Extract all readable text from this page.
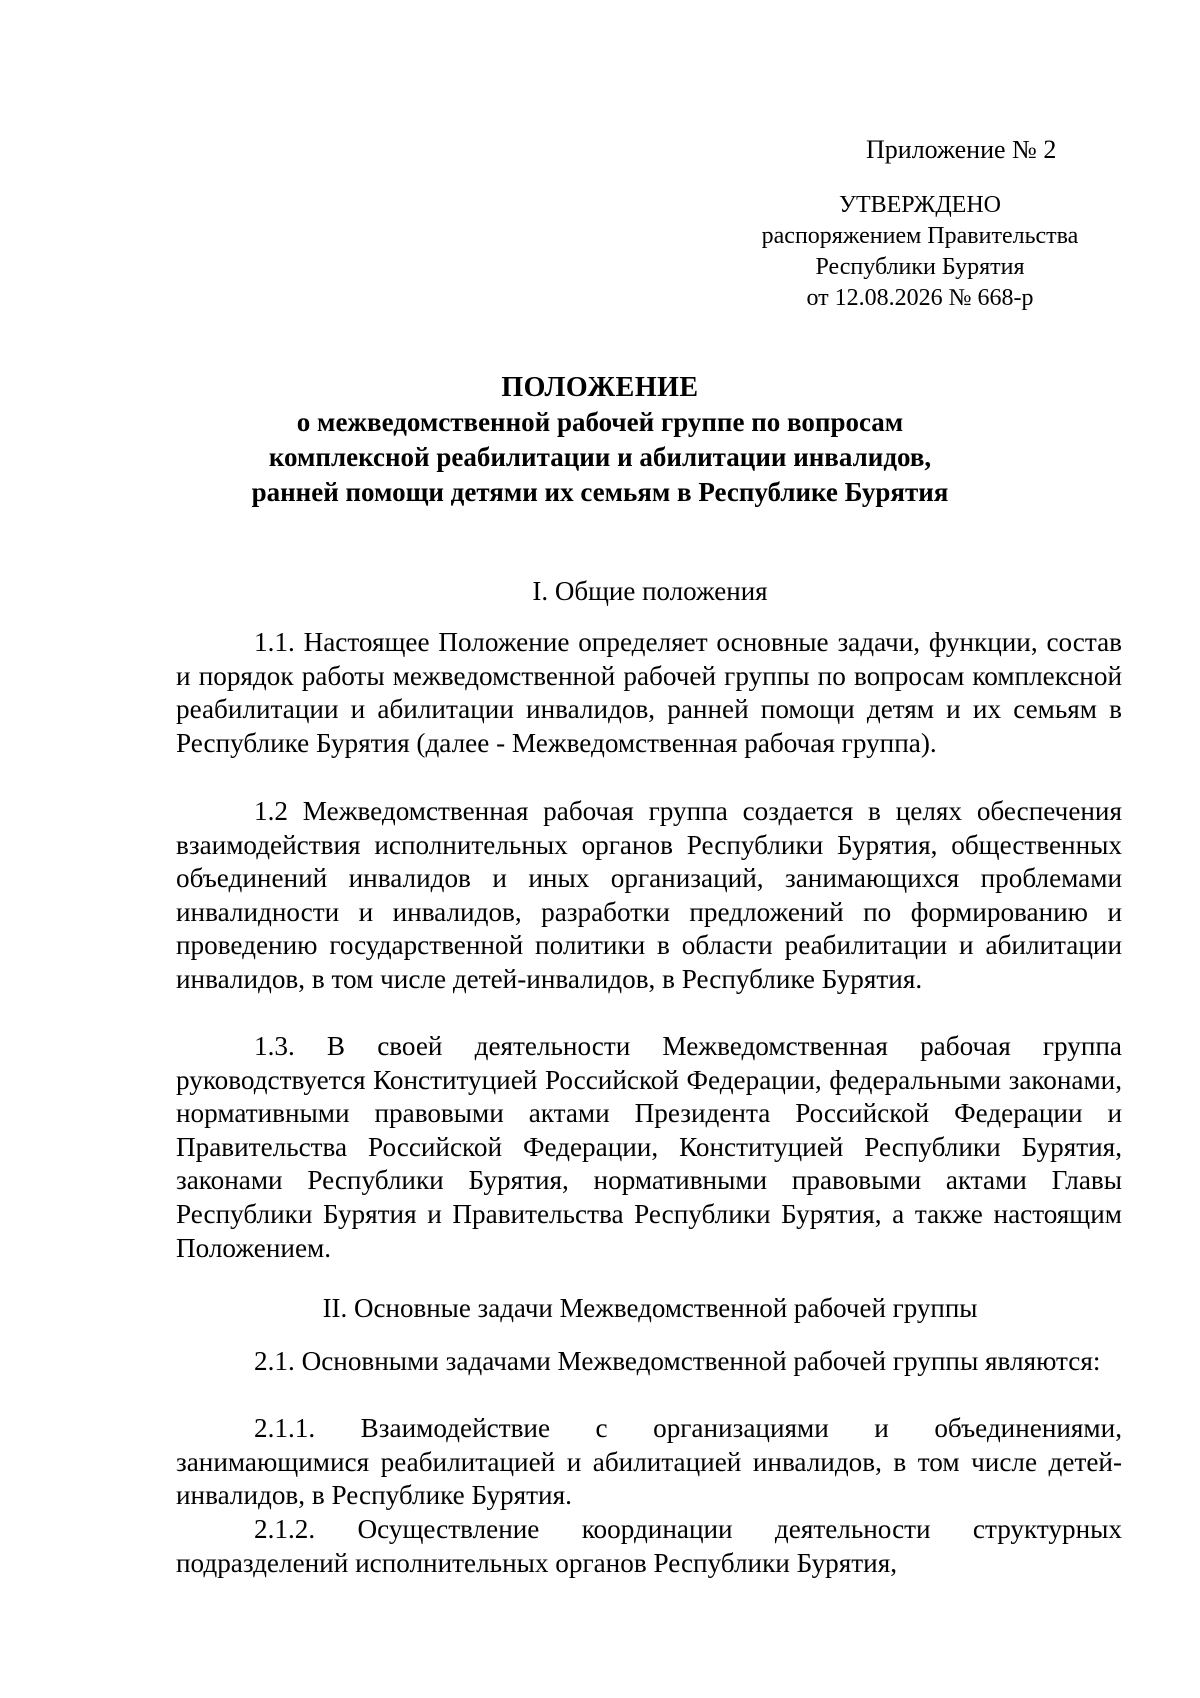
Приложение № 2
УТВЕРЖДЕНО
распоряжением Правительства
Республики Бурятия
от 12.08.2026 № 668-р
ПОЛОЖЕНИЕ
о межведомственной рабочей группе по вопросам
комплексной реабилитации и абилитации инвалидов,
ранней помощи детями их семьям в Республике Бурятия
I. Общие положения

1.1. Настоящее Положение определяет основные задачи, функции, состав и порядок работы межведомственной рабочей группы по вопросам комплексной реабилитации и абилитации инвалидов, ранней помощи детям и их семьям в Республике Бурятия (далее - Межведомственная рабочая группа).

1.2 Межведомственная рабочая группа создается в целях обеспечения взаимодействия исполнительных органов Республики Бурятия, общественных объединений инвалидов и иных организаций, занимающихся проблемами инвалидности и инвалидов, разработки предложений по формированию и проведению государственной политики в области реабилитации и абилитации инвалидов, в том числе детей-инвалидов, в Республике Бурятия.

1.3. В своей деятельности Межведомственная рабочая группа руководствуется Конституцией Российской Федерации, федеральными законами, нормативными правовыми актами Президента Российской Федерации и Правительства Российской Федерации, Конституцией Республики Бурятия, законами Республики Бурятия, нормативными правовыми актами Главы Республики Бурятия и Правительства Республики Бурятия, а также настоящим Положением.

II. Основные задачи Межведомственной рабочей группы

2.1. Основными задачами Межведомственной рабочей группы являются:

2.1.1. Взаимодействие с организациями и объединениями, занимающимися реабилитацией и абилитацией инвалидов, в том числе детей-инвалидов, в Республике Бурятия.

2.1.2. Осуществление координации деятельности структурных подразделений исполнительных органов Республики Бурятия,
